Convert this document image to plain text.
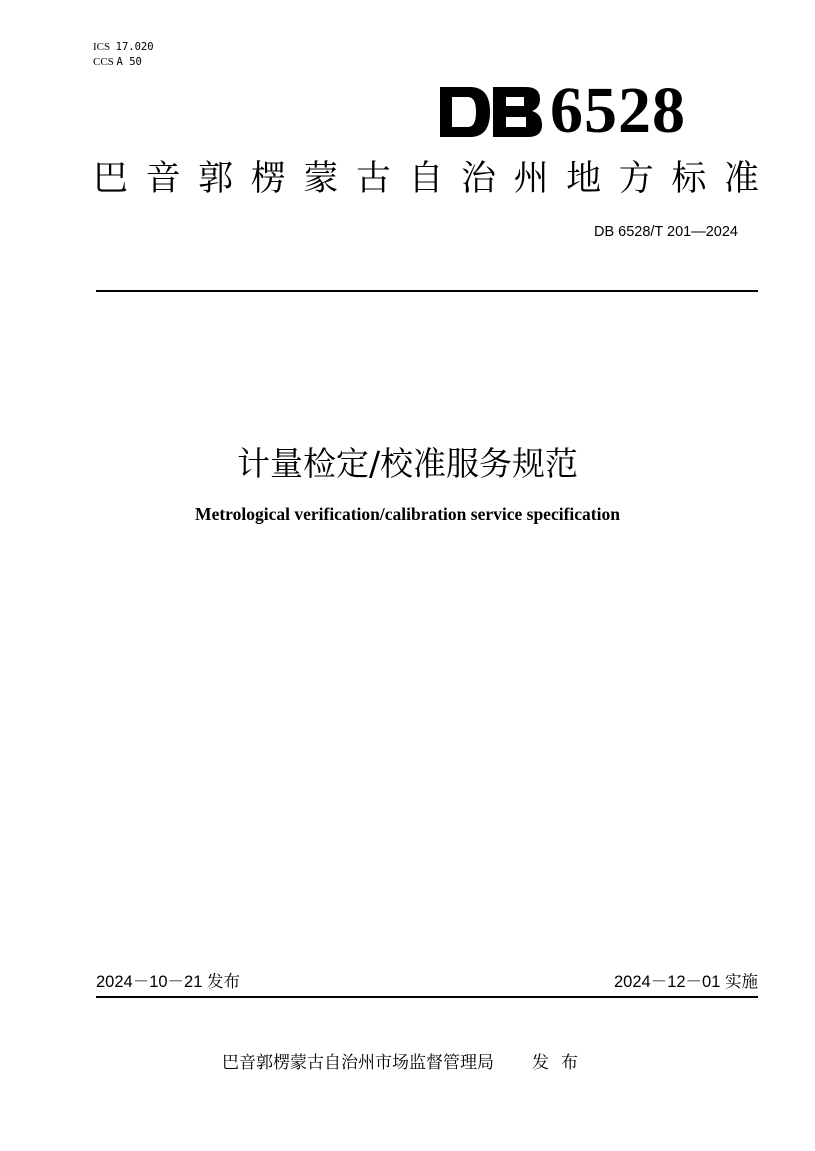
ICS 17.020
CCS A 50
6528
巴 音 郭 楞 蒙 古 自 治 州 地 方 标 准
DB 6528/T 201—2024
计量检定/校准服务规范
Metrological verification/calibration service specification
2024－10－21 发布	2024－12－01 实施
巴音郭楞蒙古自治州市场监督管理局 发布
